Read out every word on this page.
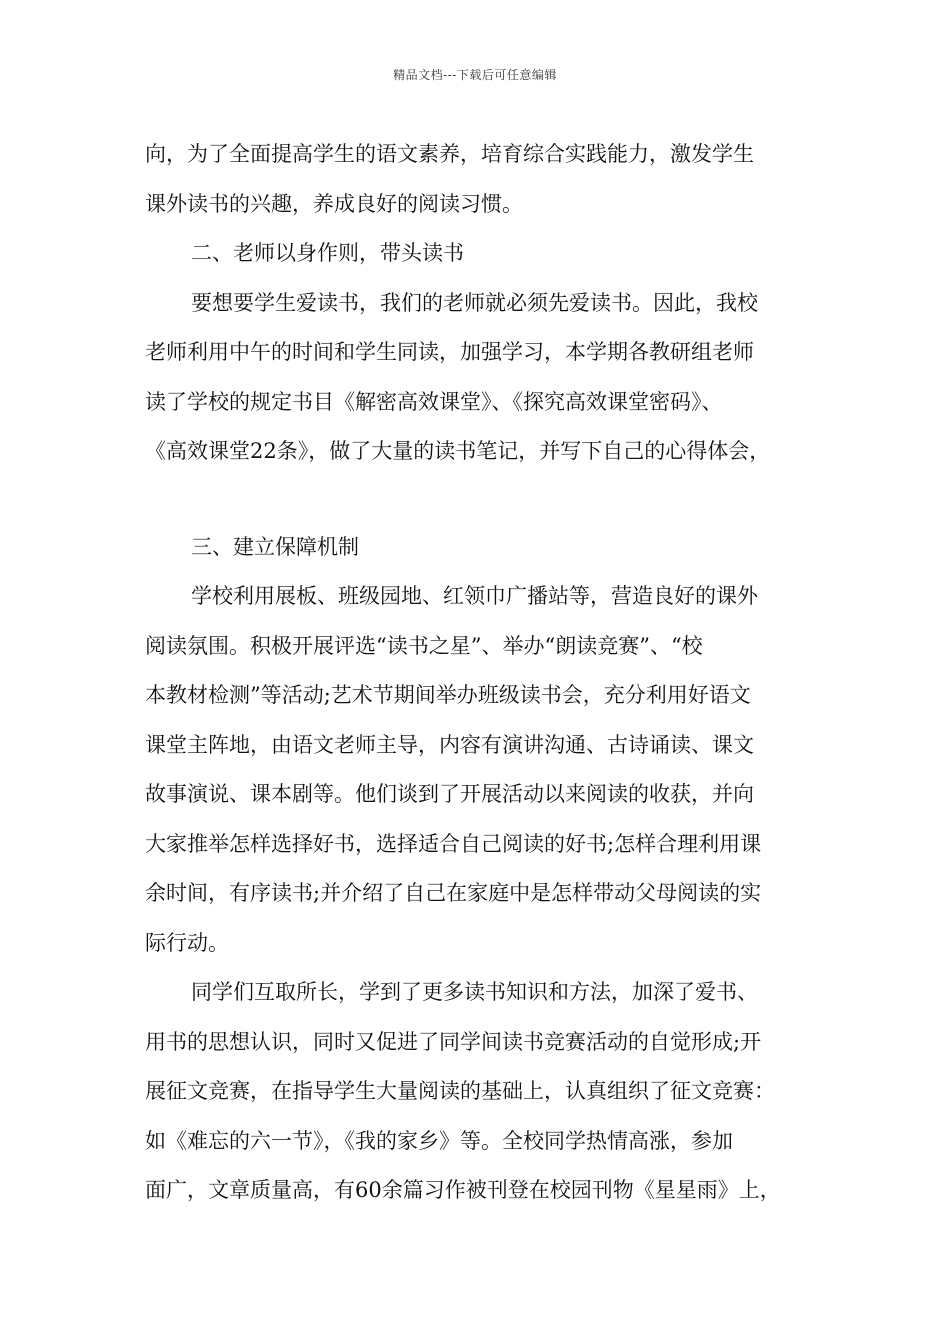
精品文档---下载后可任意编辑
向，为了全面提高学生的语文素养，培育综合实践能力，激发学生
课外读书的兴趣，养成良好的阅读习惯。
二、老师以身作则，带头读书
要想要学生爱读书，我们的老师就必须先爱读书。因此，我校
老师利用中午的时间和学生同读，加强学习，本学期各教研组老师
读了学校的规定书目《解密高效课堂》、《探究高效课堂密码》、
《高效课堂22条》，做了大量的读书笔记，并写下自己的心得体会，
三、建立保障机制
学校利用展板、班级园地、红领巾广播站等，营造良好的课外
阅读氛围。积极开展评选“读书之星”、举办“朗读竞赛”、“校
本教材检测”等活动;艺术节期间举办班级读书会，充分利用好语文
课堂主阵地，由语文老师主导，内容有演讲沟通、古诗诵读、课文
故事演说、课本剧等。他们谈到了开展活动以来阅读的收获，并向
大家推举怎样选择好书，选择适合自己阅读的好书;怎样合理利用课
余时间，有序读书;并介绍了自己在家庭中是怎样带动父母阅读的实
际行动。
同学们互取所长，学到了更多读书知识和方法，加深了爱书、
用书的思想认识，同时又促进了同学间读书竞赛活动的自觉形成;开
展征文竞赛，在指导学生大量阅读的基础上，认真组织了征文竞赛：
如《难忘的六一节》，《我的家乡》等。全校同学热情高涨，参加
面广，文章质量高，有60余篇习作被刊登在校园刊物《星星雨》上，
